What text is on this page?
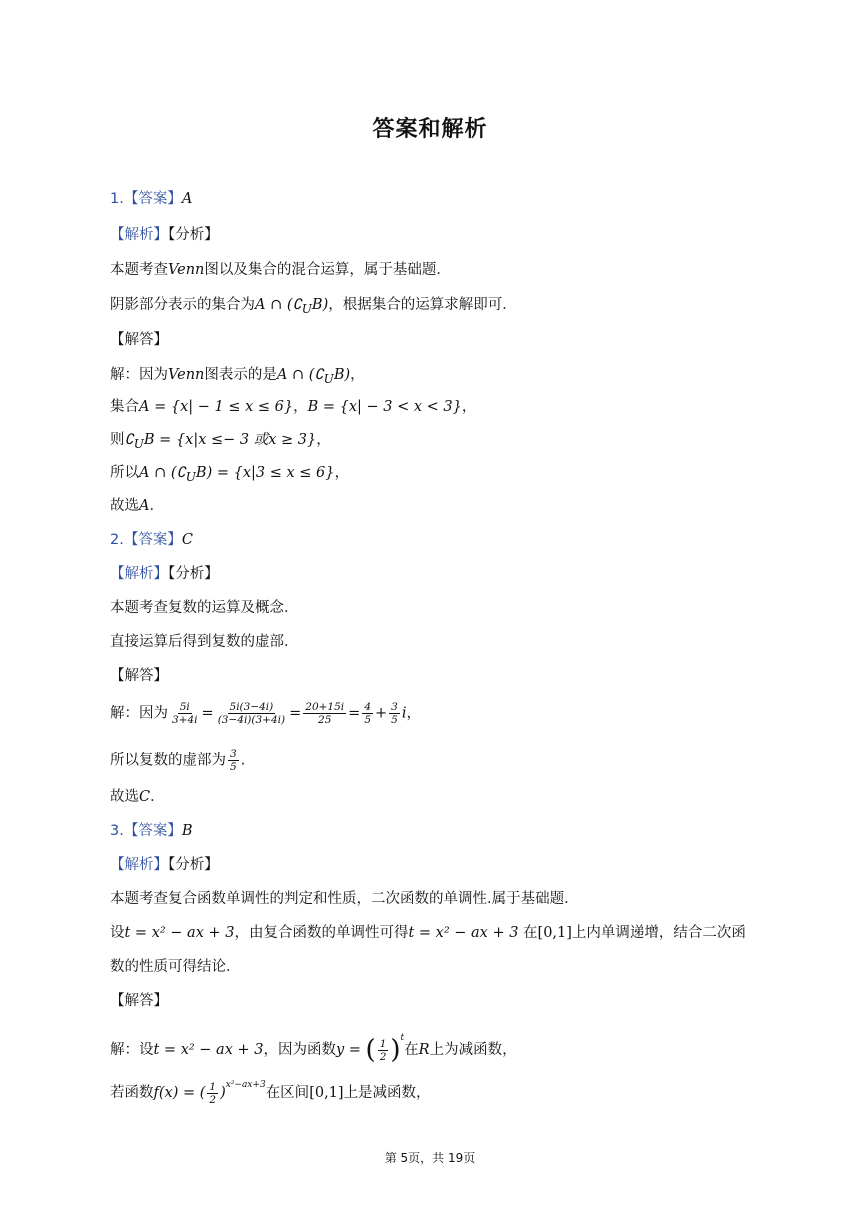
答案和解析
1.【答案】A
【解析】【分析】
本题考查Venn图以及集合的混合运算，属于基础题．
阴影部分表示的集合为A ∩ $(∁_UB)$，根据集合的运算求解即可．
【解答】
解：因为Venn图表示的是A ∩ $(∁_UB)$，
集合A = {x| − 1 ≤ x ≤ 6}，B = {x| − 3 < x < 3}，
则$∁_UB = \{x|x \le- 3$ 或x ≥ 3}，
所以A ∩ $(∁_UB) = \{x|3 \le x \le 6\}$，
故选A．
2.【答案】C
【解析】【分析】
本题考查复数的运算及概念．
直接运算后得到复数的虚部．
【解答】
解：因为 $\frac{5i}{3+4i} = \frac{5i(3-4i)}{(3-4i)(3+4i)} = \frac{20+15i}{25} = \frac{4}{5} + \frac{3}{5}$ i，
所以复数的虚部为 $\frac{3}{5}$ .
故选C．
3.【答案】B
【解析】【分析】
本题考查复合函数单调性的判定和性质，二次函数的单调性.属于基础题．
设t = x² − ax + 3，由复合函数的单调性可得t = x² − ax + 3 在[0,1]上内单调递增，结合二次函
数的性质可得结论．
【解答】
解：设t = x² − ax + 3，因为函数y = ( $\frac{1}{2} )^t$在R上为减函数，
若函数f(x) = ( $\frac{1}{2} )^{x^2-ax+3}$在区间[0,1]上是减函数，
第 5页，共 19页
